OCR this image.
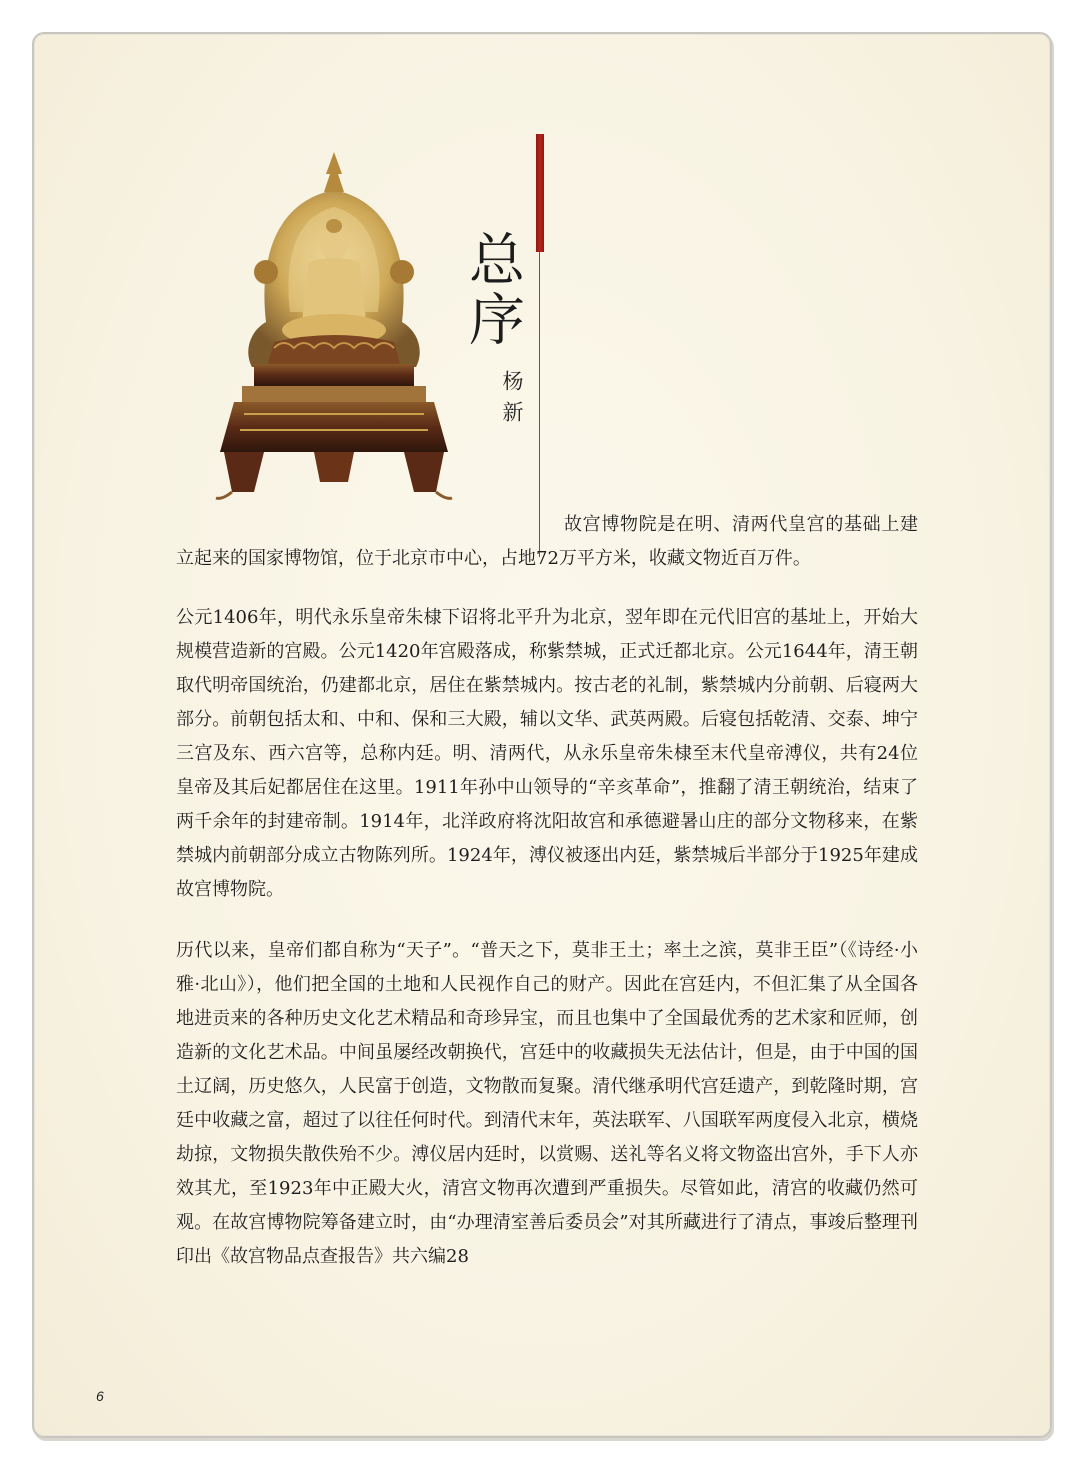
总序
杨新

故宫博物院是在明、清两代皇宫的基础上建立起来的国家博物馆，位于北京市中心，占地72万平方米，收藏文物近百万件。

公元1406年，明代永乐皇帝朱棣下诏将北平升为北京，翌年即在元代旧宫的基址上，开始大规模营造新的宫殿。公元1420年宫殿落成，称紫禁城，正式迁都北京。公元1644年，清王朝取代明帝国统治，仍建都北京，居住在紫禁城内。按古老的礼制，紫禁城内分前朝、后寝两大部分。前朝包括太和、中和、保和三大殿，辅以文华、武英两殿。后寝包括乾清、交泰、坤宁三宫及东、西六宫等，总称内廷。明、清两代，从永乐皇帝朱棣至末代皇帝溥仪，共有24位皇帝及其后妃都居住在这里。1911年孙中山领导的“辛亥革命”，推翻了清王朝统治，结束了两千余年的封建帝制。1914年，北洋政府将沈阳故宫和承德避暑山庄的部分文物移来，在紫禁城内前朝部分成立古物陈列所。1924年，溥仪被逐出内廷，紫禁城后半部分于1925年建成故宫博物院。

历代以来，皇帝们都自称为“天子”。“普天之下，莫非王土；率土之滨，莫非王臣”（《诗经·小雅·北山》），他们把全国的土地和人民视作自己的财产。因此在宫廷内，不但汇集了从全国各地进贡来的各种历史文化艺术精品和奇珍异宝，而且也集中了全国最优秀的艺术家和匠师，创造新的文化艺术品。中间虽屡经改朝换代，宫廷中的收藏损失无法估计，但是，由于中国的国土辽阔，历史悠久，人民富于创造，文物散而复聚。清代继承明代宫廷遗产，到乾隆时期，宫廷中收藏之富，超过了以往任何时代。到清代末年，英法联军、八国联军两度侵入北京，横烧劫掠，文物损失散佚殆不少。溥仪居内廷时，以赏赐、送礼等名义将文物盗出宫外，手下人亦效其尤，至1923年中正殿大火，清宫文物再次遭到严重损失。尽管如此，清宫的收藏仍然可观。在故宫博物院筹备建立时，由“办理清室善后委员会”对其所藏进行了清点，事竣后整理刊印出《故宫物品点查报告》共六编28

6
